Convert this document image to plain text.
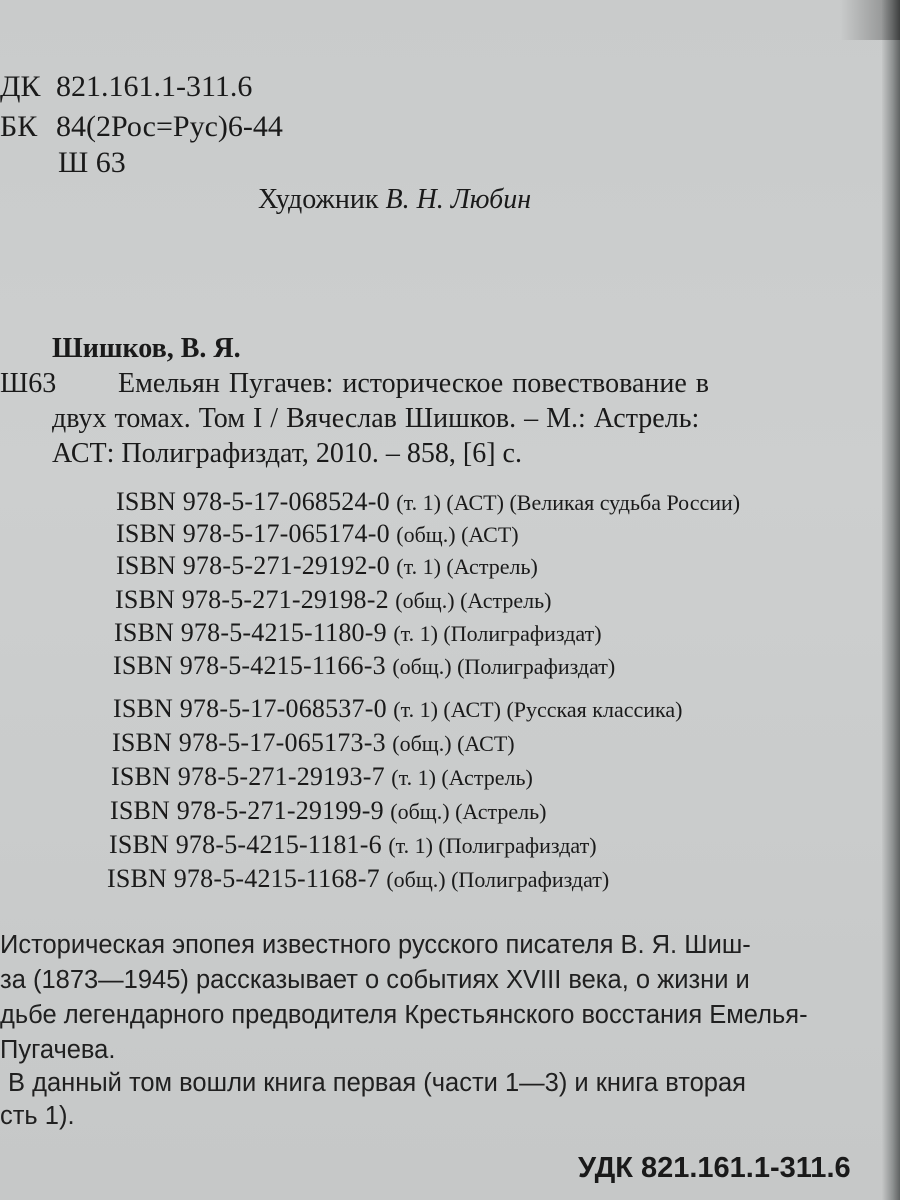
ДК 821.161.1-311.6
БК 84(2Рос=Рус)6-44
Ш 63
Художник В. Н. Любин
Шишков, В. Я.
Ш63 Емельян Пугачев: историческое повествование в
двух томах. Том I / Вячеслав Шишков. – М.: Астрель:
АСТ: Полиграфиздат, 2010. – 858, [6] с.
ISBN 978-5-17-068524-0 (т. 1) (АСТ) (Великая судьба России)
ISBN 978-5-17-065174-0 (общ.) (АСТ)
ISBN 978-5-271-29192-0 (т. 1) (Астрель)
ISBN 978-5-271-29198-2 (общ.) (Астрель)
ISBN 978-5-4215-1180-9 (т. 1) (Полиграфиздат)
ISBN 978-5-4215-1166-3 (общ.) (Полиграфиздат)
ISBN 978-5-17-068537-0 (т. 1) (АСТ) (Русская классика)
ISBN 978-5-17-065173-3 (общ.) (АСТ)
ISBN 978-5-271-29193-7 (т. 1) (Астрель)
ISBN 978-5-271-29199-9 (общ.) (Астрель)
ISBN 978-5-4215-1181-6 (т. 1) (Полиграфиздат)
ISBN 978-5-4215-1168-7 (общ.) (Полиграфиздат)
Историческая эпопея известного русского писателя В. Я. Шиш-
за (1873—1945) рассказывает о событиях XVIII века, о жизни и
дьбе легендарного предводителя Крестьянского восстания Емелья-
Пугачева.
В данный том вошли книга первая (части 1—3) и книга вторая
сть 1).
УДК 821.161.1-311.6
